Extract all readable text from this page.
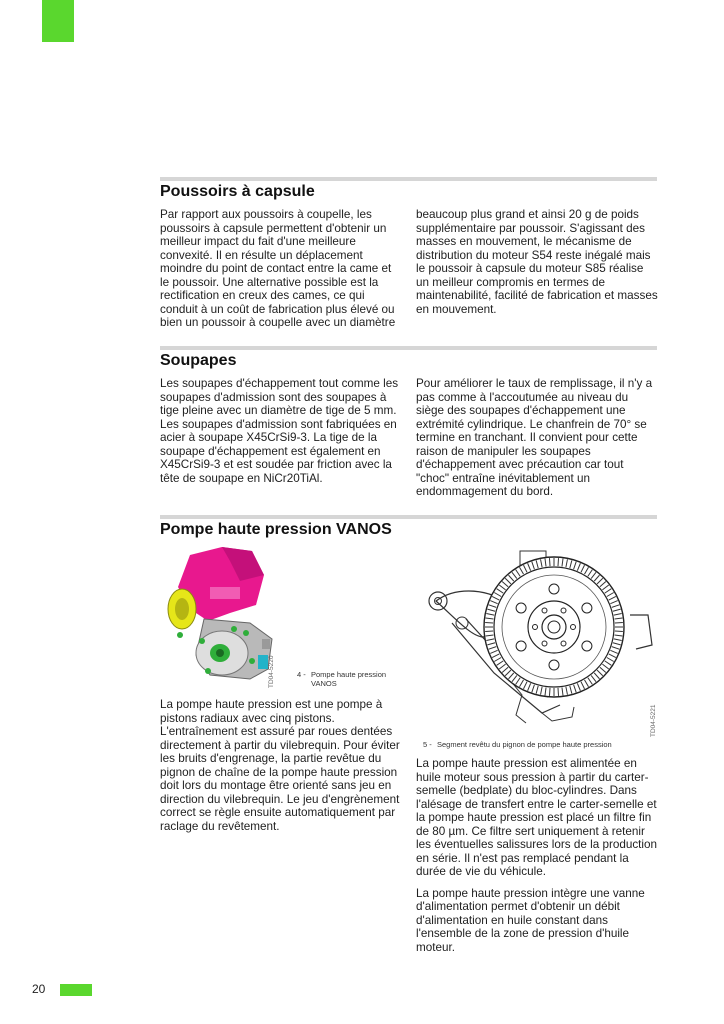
Poussoirs à capsule

Par rapport aux poussoirs à coupelle, les poussoirs à capsule permettent d'obtenir un meilleur impact du fait d'une meilleure convexité. Il en résulte un déplacement moindre du point de contact entre la came et le poussoir. Une alternative possible est la rectification en creux des cames, ce qui conduit à un coût de fabrication plus élevé ou bien un poussoir à coupelle avec un diamètre

beaucoup plus grand et ainsi 20 g de poids supplémentaire par poussoir. S'agissant des masses en mouvement, le mécanisme de distribution du moteur S54 reste inégalé mais le poussoir à capsule du moteur S85 réalise un meilleur compromis en termes de maintenabilité, facilité de fabrication et masses en mouvement.

Soupapes

Les soupapes d'échappement tout comme les soupapes d'admission sont des soupapes à tige pleine avec un diamètre de tige de 5 mm. Les soupapes d'admission sont fabriquées en acier à soupape X45CrSi9-3. La tige de la soupape d'échappement est également en X45CrSi9-3 et est soudée par friction avec la tête de soupape en NiCr20TiAl.

Pour améliorer le taux de remplissage, il n'y a pas comme à l'accoutumée au niveau du siège des soupapes d'échappement une extrémité cylindrique. Le chanfrein de 70° se termine en tranchant. Il convient pour cette raison de manipuler les soupapes d'échappement avec précaution car tout "choc" entraîne inévitablement un endommagement du bord.

Pompe haute pression VANOS
TD04-5220	4 - Pompe haute pression VANOS

La pompe haute pression est une pompe à pistons radiaux avec cinq pistons. L'entraînement est assuré par roues dentées directement à partir du vilebrequin. Pour éviter les bruits d'engrenage, la partie revêtue du pignon de chaîne de la pompe haute pression doit lors du montage être orienté sans jeu en direction du vilebrequin. Le jeu d'engrènement correct se règle ensuite automatiquement par raclage du revêtement.

TD04-5221
5 - Segment revêtu du pignon de pompe haute pression

La pompe haute pression est alimentée en huile moteur sous pression à partir du carter-semelle (bedplate) du bloc-cylindres. Dans l'alésage de transfert entre le carter-semelle et la pompe haute pression est placé un filtre fin de 80 µm. Ce filtre sert uniquement à retenir les éventuelles salissures lors de la production en série. Il n'est pas remplacé pendant la durée de vie du véhicule.

La pompe haute pression intègre une vanne d'alimentation permet d'obtenir un débit d'alimentation en huile constant dans l'ensemble de la zone de pression d'huile moteur.

20
